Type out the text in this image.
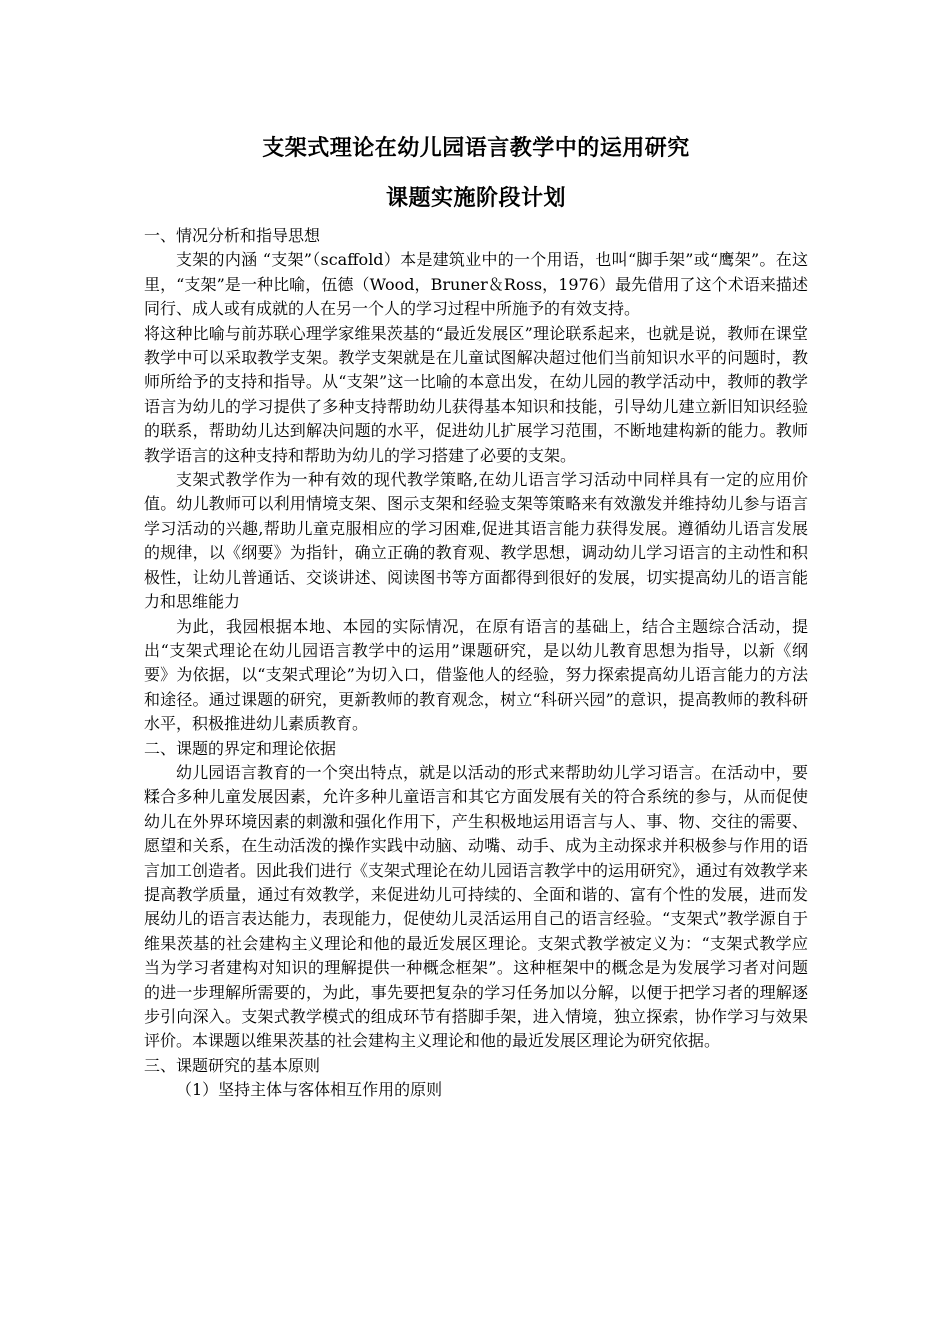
支架式理论在幼儿园语言教学中的运用研究
课题实施阶段计划

一、情况分析和指导思想

支架的内涵 “支架”（scaffold）本是建筑业中的一个用语，也叫“脚手架”或“鹰架”。在这里，“支架”是一种比喻，伍德（Wood，Bruner＆Ross，1976）最先借用了这个术语来描述同行、成人或有成就的人在另一个人的学习过程中所施予的有效支持。

将这种比喻与前苏联心理学家维果茨基的“最近发展区”理论联系起来，也就是说，教师在课堂教学中可以采取教学支架。教学支架就是在儿童试图解决超过他们当前知识水平的问题时，教师所给予的支持和指导。从“支架”这一比喻的本意出发，在幼儿园的教学活动中，教师的教学语言为幼儿的学习提供了多种支持帮助幼儿获得基本知识和技能，引导幼儿建立新旧知识经验的联系，帮助幼儿达到解决问题的水平，促进幼儿扩展学习范围，不断地建构新的能力。教师教学语言的这种支持和帮助为幼儿的学习搭建了必要的支架。

支架式教学作为一种有效的现代教学策略,在幼儿语言学习活动中同样具有一定的应用价值。幼儿教师可以利用情境支架、图示支架和经验支架等策略来有效激发并维持幼儿参与语言学习活动的兴趣,帮助儿童克服相应的学习困难,促进其语言能力获得发展。遵循幼儿语言发展的规律，以《纲要》为指针，确立正确的教育观、教学思想，调动幼儿学习语言的主动性和积极性，让幼儿普通话、交谈讲述、阅读图书等方面都得到很好的发展，切实提高幼儿的语言能力和思维能力

为此，我园根据本地、本园的实际情况，在原有语言的基础上，结合主题综合活动，提出“支架式理论在幼儿园语言教学中的运用”课题研究，是以幼儿教育思想为指导，以新《纲要》为依据，以“支架式理论”为切入口，借鉴他人的经验，努力探索提高幼儿语言能力的方法和途径。通过课题的研究，更新教师的教育观念，树立“科研兴园”的意识，提高教师的教科研水平，积极推进幼儿素质教育。

二、课题的界定和理论依据

幼儿园语言教育的一个突出特点，就是以活动的形式来帮助幼儿学习语言。在活动中，要糅合多种儿童发展因素，允许多种儿童语言和其它方面发展有关的符合系统的参与，从而促使幼儿在外界环境因素的刺激和强化作用下，产生积极地运用语言与人、事、物、交往的需要、愿望和关系，在生动活泼的操作实践中动脑、动嘴、动手、成为主动探求并积极参与作用的语言加工创造者。因此我们进行《支架式理论在幼儿园语言教学中的运用研究》，通过有效教学来提高教学质量，通过有效教学，来促进幼儿可持续的、全面和谐的、富有个性的发展，进而发展幼儿的语言表达能力，表现能力，促使幼儿灵活运用自己的语言经验。“支架式”教学源自于维果茨基的社会建构主义理论和他的最近发展区理论。支架式教学被定义为：“支架式教学应当为学习者建构对知识的理解提供一种概念框架”。这种框架中的概念是为发展学习者对问题的进一步理解所需要的，为此，事先要把复杂的学习任务加以分解，以便于把学习者的理解逐步引向深入。支架式教学模式的组成环节有搭脚手架，进入情境，独立探索，协作学习与效果评价。本课题以维果茨基的社会建构主义理论和他的最近发展区理论为研究依据。

三、课题研究的基本原则

（1）坚持主体与客体相互作用的原则
